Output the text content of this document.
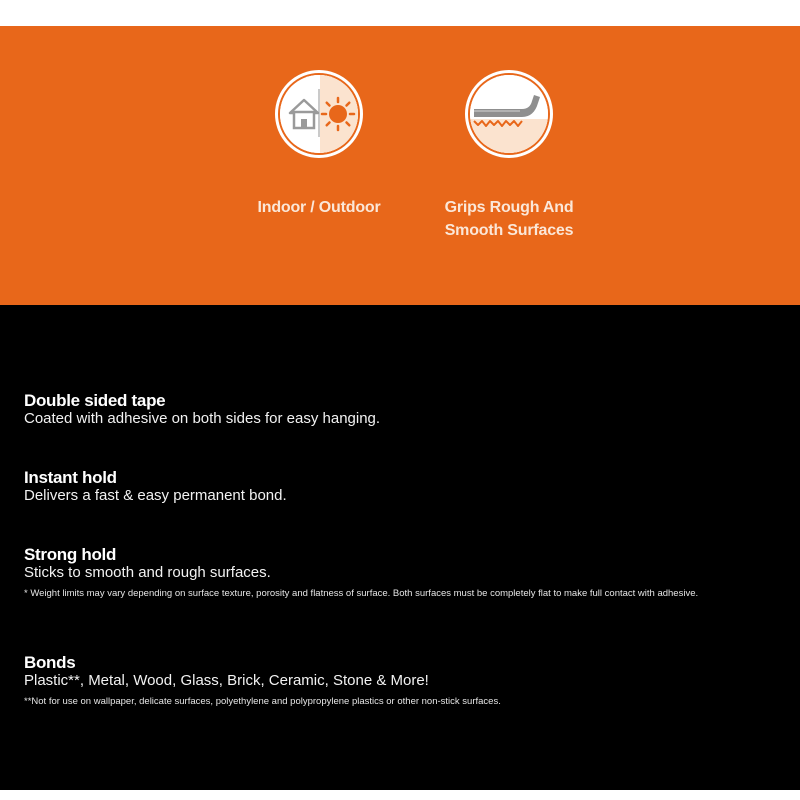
Indoor / Outdoor	Grips Rough And
Smooth Surfaces
Double sided tape
Coated with adhesive on both sides for easy hanging.
Instant hold
Delivers a fast & easy permanent bond.
Strong hold
Sticks to smooth and rough surfaces.
* Weight limits may vary depending on surface texture, porosity and flatness of surface. Both surfaces must be completely flat to make full contact with adhesive.
Bonds
Plastic**, Metal, Wood, Glass, Brick, Ceramic, Stone & More!
**Not for use on wallpaper, delicate surfaces, polyethylene and polypropylene plastics or other non-stick surfaces.
